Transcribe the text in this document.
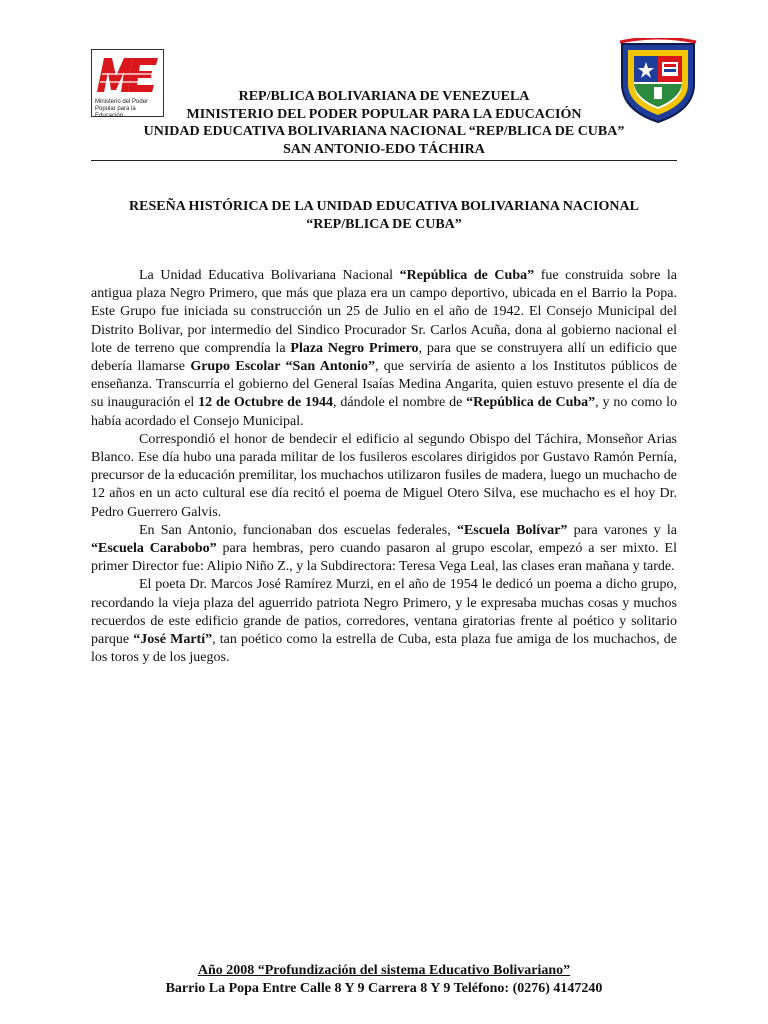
Ministerio del Poder Popular para la Educación
REP/BLICA BOLIVARIANA DE VENEZUELA
MINISTERIO DEL PODER POPULAR PARA LA EDUCACIÓN
UNIDAD EDUCATIVA BOLIVARIANA NACIONAL “REP/BLICA DE CUBA”
SAN ANTONIO-EDO TÁCHIRA
RESEÑA HISTÓRICA DE LA UNIDAD EDUCATIVA BOLIVARIANA NACIONAL
“REP/BLICA DE CUBA”

La Unidad Educativa Bolivariana Nacional “República de Cuba” fue construida sobre la antigua plaza Negro Primero, que más que plaza era un campo deportivo, ubicada en el Barrio la Popa. Este Grupo fue iniciada su construcción un 25 de Julio en el año de 1942. El Consejo Municipal del Distrito Bolivar, por intermedio del Sindico Procurador Sr. Carlos Acuña, dona al gobierno nacional el lote de terreno que comprendía la Plaza Negro Primero, para que se construyera allí un edificio que debería llamarse Grupo Escolar “San Antonio”, que serviría de asiento a los Institutos públicos de enseñanza. Transcurría el gobierno del General Isaías Medina Angarita, quien estuvo presente el día de su inauguración el 12 de Octubre de 1944, dándole el nombre de “República de Cuba”, y no como lo había acordado el Consejo Municipal.

Correspondió el honor de bendecir el edificio al segundo Obispo del Táchira, Monseñor Arias Blanco. Ese día hubo una parada militar de los fusileros escolares dirigidos por Gustavo Ramón Pernía, precursor de la educación premilitar, los muchachos utilizaron fusiles de madera, luego un muchacho de 12 años en un acto cultural ese día recitó el poema de Miguel Otero Silva, ese muchacho es el hoy Dr. Pedro Guerrero Galvis.

En San Antonio, funcionaban dos escuelas federales, “Escuela Bolívar” para varones y la “Escuela Carabobo” para hembras, pero cuando pasaron al grupo escolar, empezó a ser mixto. El primer Director fue: Alipio Niño Z., y la Subdirectora: Teresa Vega Leal, las clases eran mañana y tarde.

El poeta Dr. Marcos José Ramírez Murzi, en el año de 1954 le dedicó un poema a dicho grupo, recordando la vieja plaza del aguerrido patriota Negro Primero, y le expresaba muchas cosas y muchos recuerdos de este edificio grande de patios, corredores, ventana giratorias frente al poético y solitario parque “José Martí”, tan poético como la estrella de Cuba, esta plaza fue amiga de los muchachos, de los toros y de los juegos.

Año 2008 “Profundización del sistema Educativo Bolivariano”
Barrio La Popa Entre Calle 8 Y 9 Carrera 8 Y 9 Teléfono: (0276) 4147240
